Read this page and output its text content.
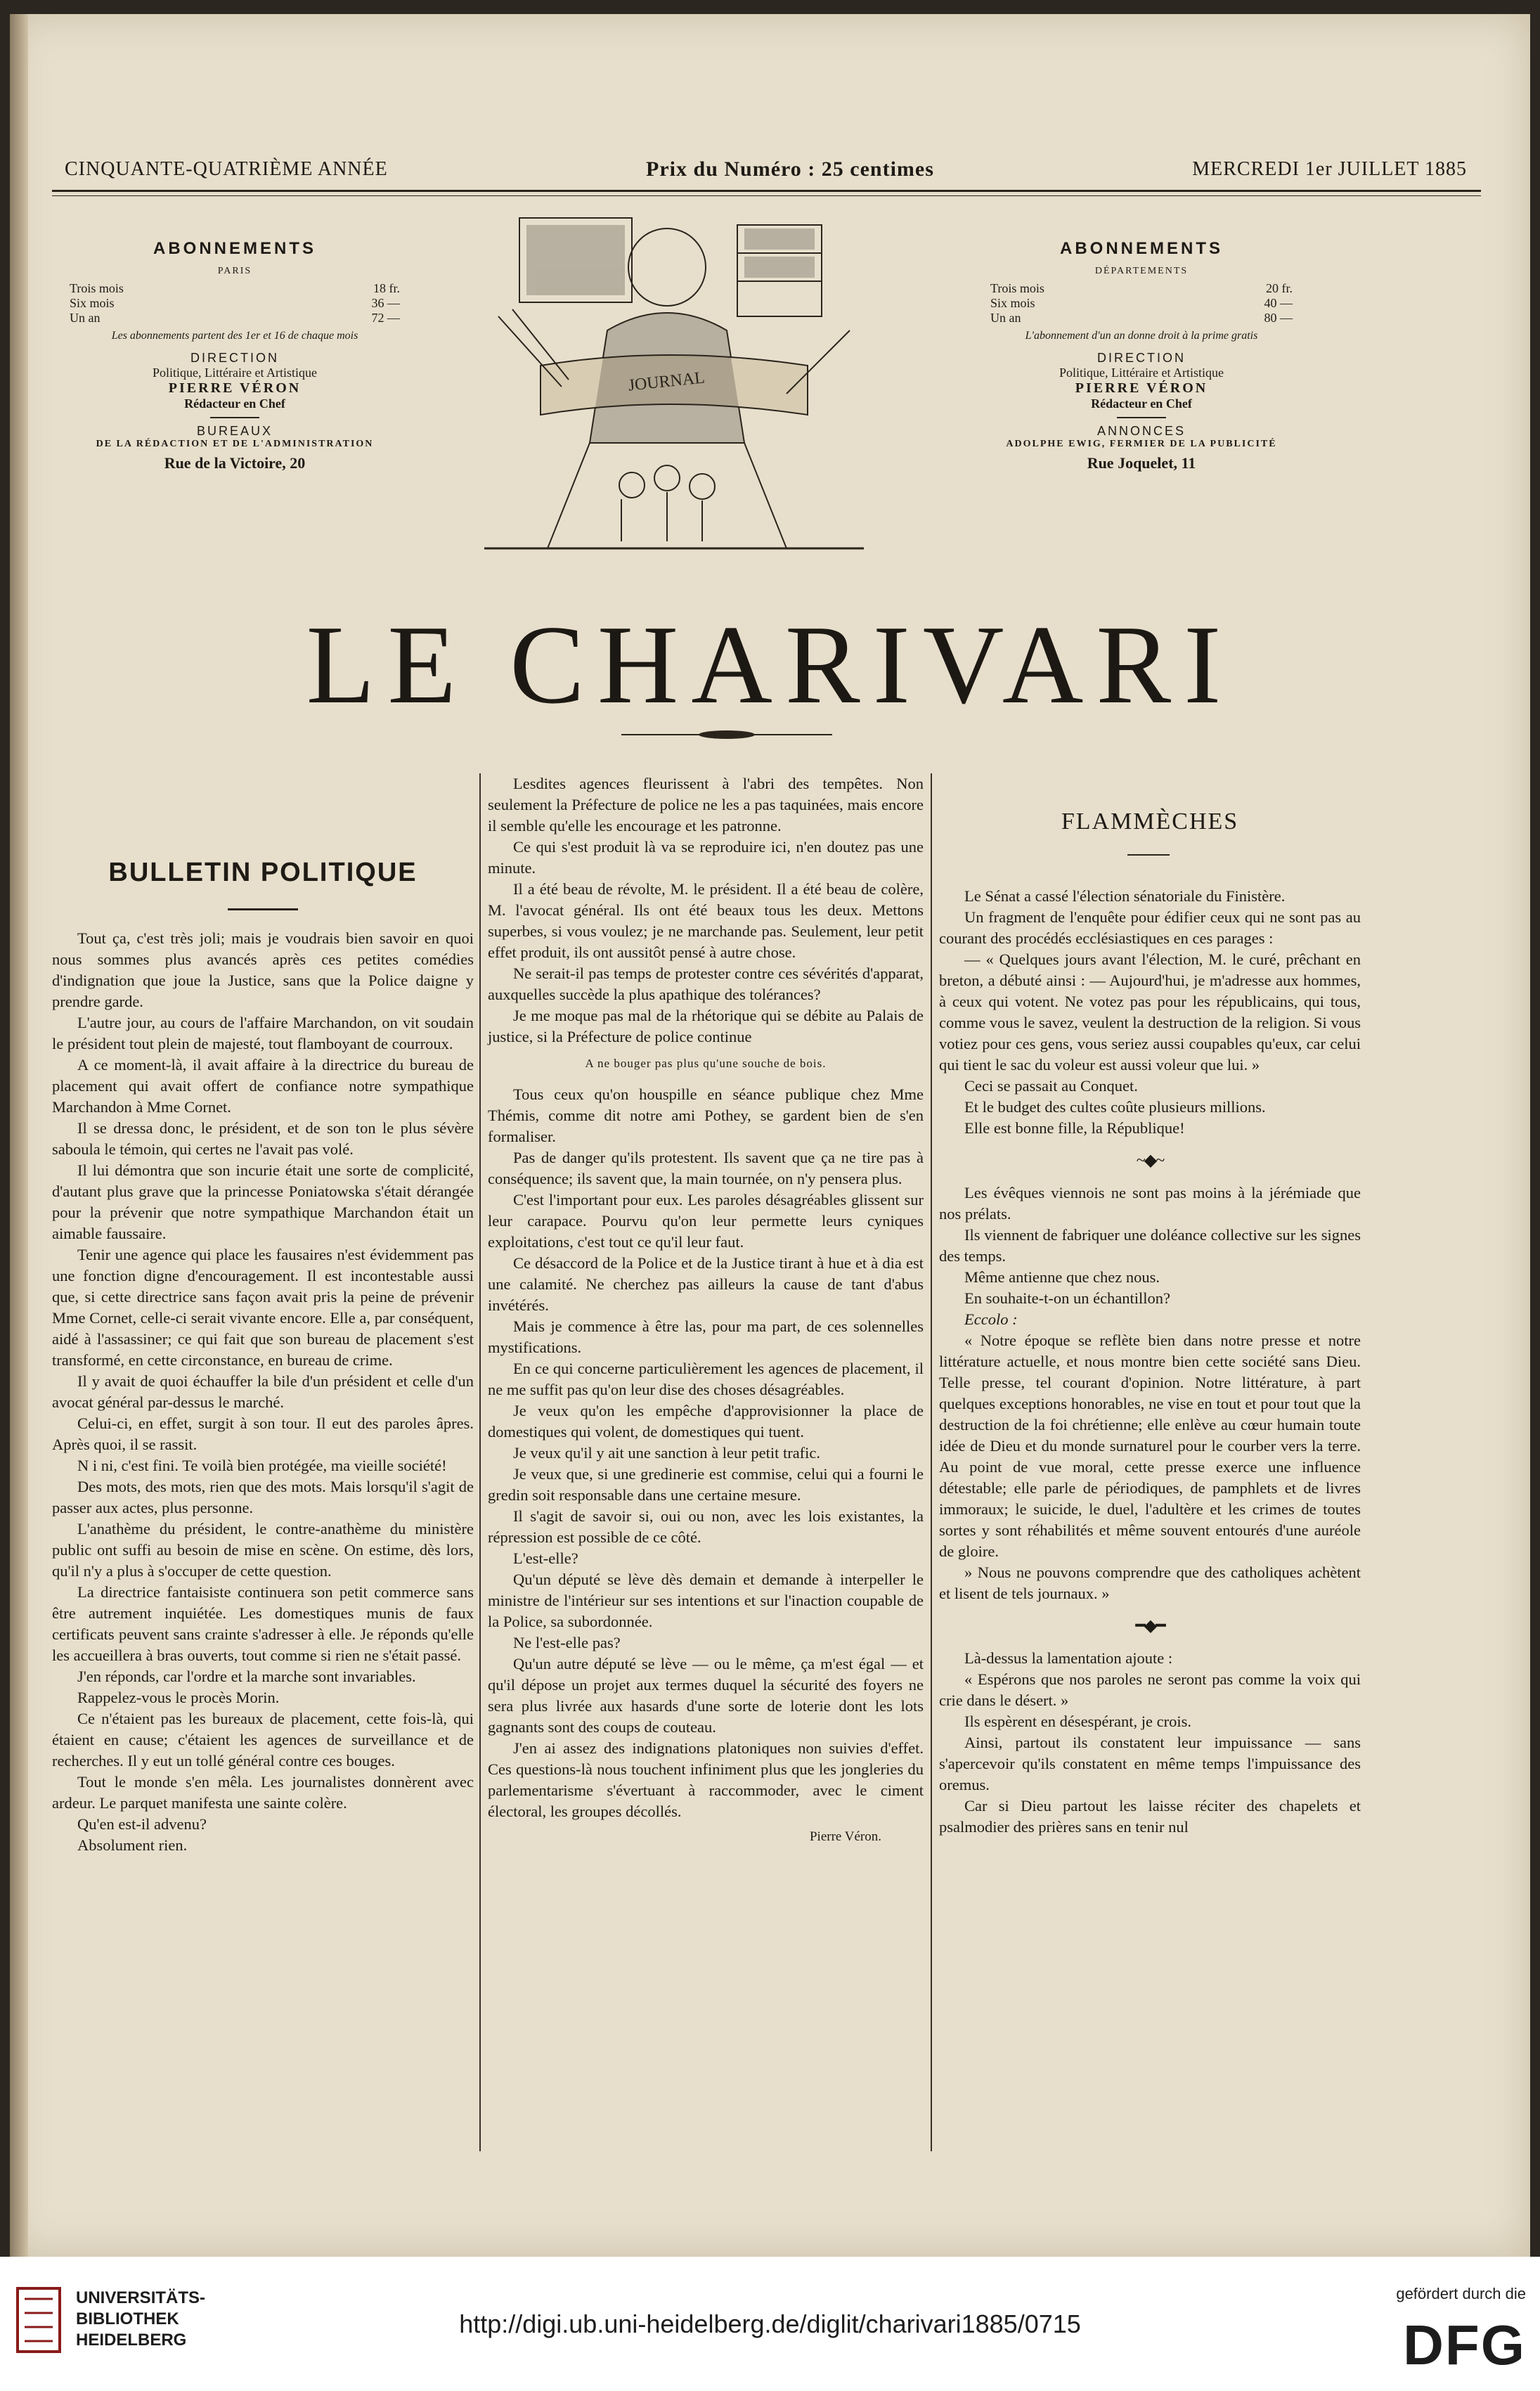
CINQUANTE-QUATRIÈME ANNÉE	Prix du Numéro : 25 centimes	MERCREDI 1er JUILLET 1885
ABONNEMENTS
PARIS
Trois mois	18 fr.
Six mois	36 —
Un an	72 —
Les abonnements partent des 1er et 16 de chaque mois
DIRECTION
Politique, Littéraire et Artistique
PIERRE VÉRON
Rédacteur en Chef
BUREAUX
DE LA RÉDACTION ET DE L'ADMINISTRATION
Rue de la Victoire, 20
ABONNEMENTS
DÉPARTEMENTS
Trois mois	20 fr.
Six mois	40 —
Un an	80 —
L'abonnement d'un an donne droit à la prime gratis
DIRECTION
Politique, Littéraire et Artistique
PIERRE VÉRON
Rédacteur en Chef
ANNONCES
ADOLPHE EWIG, FERMIER DE LA PUBLICITÉ
Rue Joquelet, 11
JOURNAL
LE CHARIVARI
BULLETIN POLITIQUE

Tout ça, c'est très joli; mais je voudrais bien savoir en quoi nous sommes plus avancés après ces petites comédies d'indignation que joue la Justice, sans que la Police daigne y prendre garde.

L'autre jour, au cours de l'affaire Marchandon, on vit soudain le président tout plein de majesté, tout flamboyant de courroux.

A ce moment-là, il avait affaire à la directrice du bureau de placement qui avait offert de confiance notre sympathique Marchandon à Mme Cornet.

Il se dressa donc, le président, et de son ton le plus sévère saboula le témoin, qui certes ne l'avait pas volé.

Il lui démontra que son incurie était une sorte de complicité, d'autant plus grave que la princesse Poniatowska s'était dérangée pour la prévenir que notre sympathique Marchandon était un aimable faussaire.

Tenir une agence qui place les fausaires n'est évidemment pas une fonction digne d'encouragement. Il est incontestable aussi que, si cette directrice sans façon avait pris la peine de prévenir Mme Cornet, celle-ci serait vivante encore. Elle a, par conséquent, aidé à l'assassiner; ce qui fait que son bureau de placement s'est transformé, en cette circonstance, en bureau de crime.

Il y avait de quoi échauffer la bile d'un président et celle d'un avocat général par-dessus le marché.

Celui-ci, en effet, surgit à son tour. Il eut des paroles âpres. Après quoi, il se rassit.

N i ni, c'est fini. Te voilà bien protégée, ma vieille société!

Des mots, des mots, rien que des mots. Mais lorsqu'il s'agit de passer aux actes, plus personne.

L'anathème du président, le contre-anathème du ministère public ont suffi au besoin de mise en scène. On estime, dès lors, qu'il n'y a plus à s'occuper de cette question.

La directrice fantaisiste continuera son petit commerce sans être autrement inquiétée. Les domestiques munis de faux certificats peuvent sans crainte s'adresser à elle. Je réponds qu'elle les accueillera à bras ouverts, tout comme si rien ne s'était passé.

J'en réponds, car l'ordre et la marche sont invariables.

Rappelez-vous le procès Morin.

Ce n'étaient pas les bureaux de placement, cette fois-là, qui étaient en cause; c'étaient les agences de surveillance et de recherches. Il y eut un tollé général contre ces bouges.

Tout le monde s'en mêla. Les journalistes donnèrent avec ardeur. Le parquet manifesta une sainte colère.

Qu'en est-il advenu?

Absolument rien.

Lesdites agences fleurissent à l'abri des tempêtes. Non seulement la Préfecture de police ne les a pas taquinées, mais encore il semble qu'elle les encourage et les patronne.

Ce qui s'est produit là va se reproduire ici, n'en doutez pas une minute.

Il a été beau de révolte, M. le président. Il a été beau de colère, M. l'avocat général. Ils ont été beaux tous les deux. Mettons superbes, si vous voulez; je ne marchande pas. Seulement, leur petit effet produit, ils ont aussitôt pensé à autre chose.

Ne serait-il pas temps de protester contre ces sévérités d'apparat, auxquelles succède la plus apathique des tolérances?

Je me moque pas mal de la rhétorique qui se débite au Palais de justice, si la Préfecture de police continue

A ne bouger pas plus qu'une souche de bois.

Tous ceux qu'on houspille en séance publique chez Mme Thémis, comme dit notre ami Pothey, se gardent bien de s'en formaliser.

Pas de danger qu'ils protestent. Ils savent que ça ne tire pas à conséquence; ils savent que, la main tournée, on n'y pensera plus.

C'est l'important pour eux. Les paroles désagréables glissent sur leur carapace. Pourvu qu'on leur permette leurs cyniques exploitations, c'est tout ce qu'il leur faut.

Ce désaccord de la Police et de la Justice tirant à hue et à dia est une calamité. Ne cherchez pas ailleurs la cause de tant d'abus invétérés.

Mais je commence à être las, pour ma part, de ces solennelles mystifications.

En ce qui concerne particulièrement les agences de placement, il ne me suffit pas qu'on leur dise des choses désagréables.

Je veux qu'on les empêche d'approvisionner la place de domestiques qui volent, de domestiques qui tuent.

Je veux qu'il y ait une sanction à leur petit trafic.

Je veux que, si une gredinerie est commise, celui qui a fourni le gredin soit responsable dans une certaine mesure.

Il s'agit de savoir si, oui ou non, avec les lois existantes, la répression est possible de ce côté.

L'est-elle?

Qu'un député se lève dès demain et demande à interpeller le ministre de l'intérieur sur ses intentions et sur l'inaction coupable de la Police, sa subordonnée.

Ne l'est-elle pas?

Qu'un autre député se lève — ou le même, ça m'est égal — et qu'il dépose un projet aux termes duquel la sécurité des foyers ne sera plus livrée aux hasards d'une sorte de loterie dont les lots gagnants sont des coups de couteau.

J'en ai assez des indignations platoniques non suivies d'effet. Ces questions-là nous touchent infiniment plus que les jongleries du parlementarisme s'évertuant à raccommoder, avec le ciment électoral, les groupes décollés.

Pierre Véron.
FLAMMÈCHES

Le Sénat a cassé l'élection sénatoriale du Finistère.

Un fragment de l'enquête pour édifier ceux qui ne sont pas au courant des procédés ecclésiastiques en ces parages :

— « Quelques jours avant l'élection, M. le curé, prêchant en breton, a débuté ainsi : — Aujourd'hui, je m'adresse aux hommes, à ceux qui votent. Ne votez pas pour les républicains, qui tous, comme vous le savez, veulent la destruction de la religion. Si vous votiez pour ces gens, vous seriez aussi coupables qu'eux, car celui qui tient le sac du voleur est aussi voleur que lui. »

Ceci se passait au Conquet.

Et le budget des cultes coûte plusieurs millions.

Elle est bonne fille, la République!

~◆~

Les évêques viennois ne sont pas moins à la jérémiade que nos prélats.

Ils viennent de fabriquer une doléance collective sur les signes des temps.

Même antienne que chez nous.

En souhaite-t-on un échantillon?

Eccolo :

« Notre époque se reflète bien dans notre presse et notre littérature actuelle, et nous montre bien cette société sans Dieu. Telle presse, tel courant d'opinion. Notre littérature, à part quelques exceptions honorables, ne vise en tout et pour tout que la destruction de la foi chrétienne; elle enlève au cœur humain toute idée de Dieu et du monde surnaturel pour le courber vers la terre. Au point de vue moral, cette presse exerce une influence détestable; elle parle de périodiques, de pamphlets et de livres immoraux; le suicide, le duel, l'adultère et les crimes de toutes sortes y sont réhabilités et même souvent entourés d'une auréole de gloire.

» Nous ne pouvons comprendre que des catholiques achètent et lisent de tels journaux. »

━◆━

Là-dessus la lamentation ajoute :

« Espérons que nos paroles ne seront pas comme la voix qui crie dans le désert. »

Ils espèrent en désespérant, je crois.

Ainsi, partout ils constatent leur impuissance — sans s'apercevoir qu'ils constatent en même temps l'impuissance des oremus.

Car si Dieu partout les laisse réciter des chapelets et psalmodier des prières sans en tenir nul

UNIVERSITÄTS-
BIBLIOTHEK
HEIDELBERG
http://digi.ub.uni-heidelberg.de/diglit/charivari1885/0715
gefördert durch die
DFG
